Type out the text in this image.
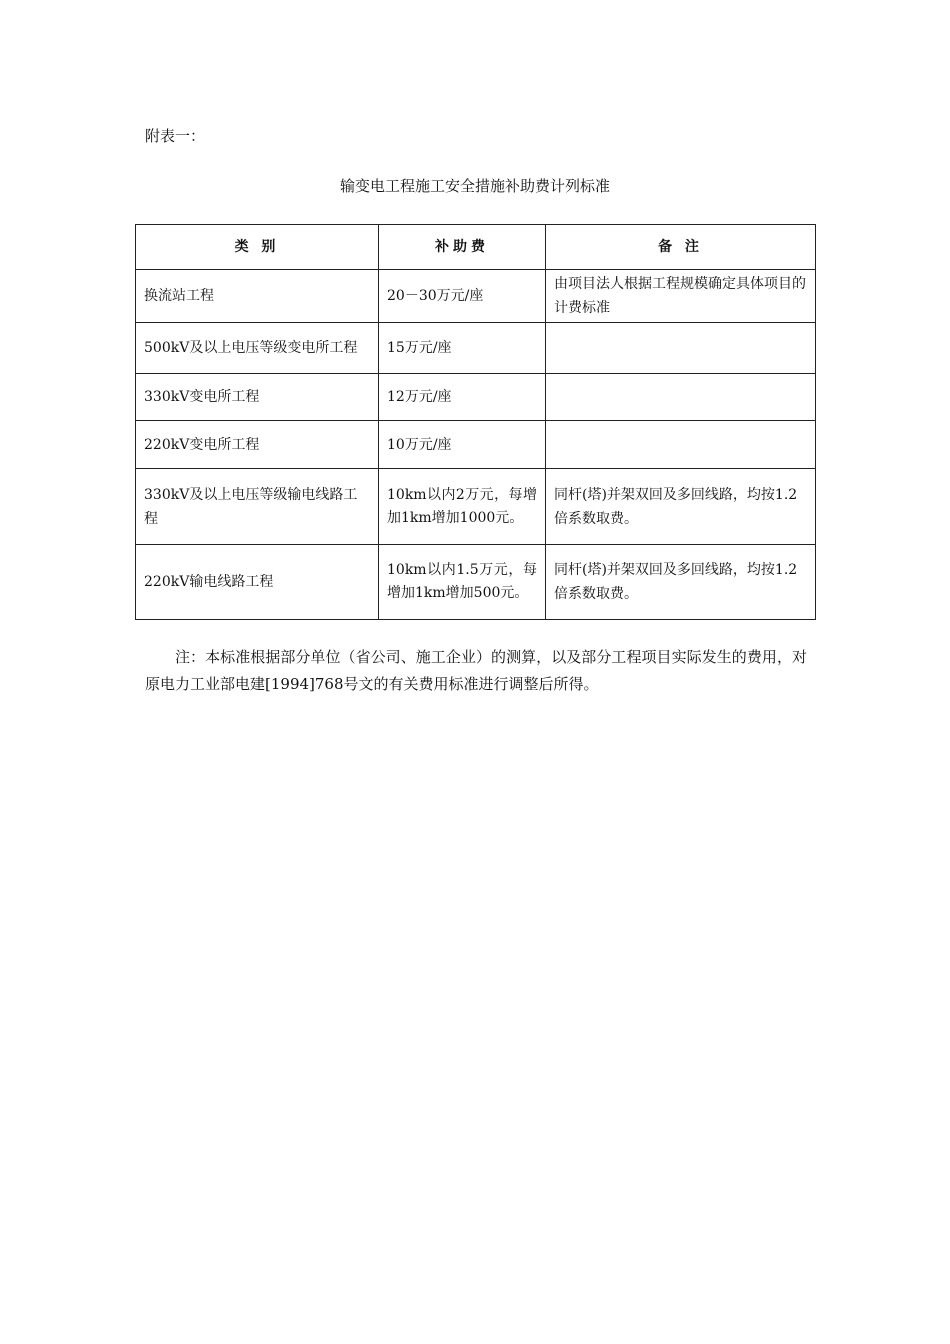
附表一：
输变电工程施工安全措施补助费计列标准
类 别	补助费	备 注
换流站工程	20－30万元/座	由项目法人根据工程规模确定具体项目的计费标准
500kV及以上电压等级变电所工程	15万元/座	
330kV变电所工程	12万元/座	
220kV变电所工程	10万元/座	
330kV及以上电压等级输电线路工程	10km以内2万元，每增加1km增加1000元。	同杆(塔)并架双回及多回线路，均按1.2倍系数取费。
220kV输电线路工程	10km以内1.5万元，每增加1km增加500元。	同杆(塔)并架双回及多回线路，均按1.2倍系数取费。

注：本标准根据部分单位（省公司、施工企业）的测算，以及部分工程项目实际发生的费用，对原电力工业部电建[1994]768号文的有关费用标准进行调整后所得。
